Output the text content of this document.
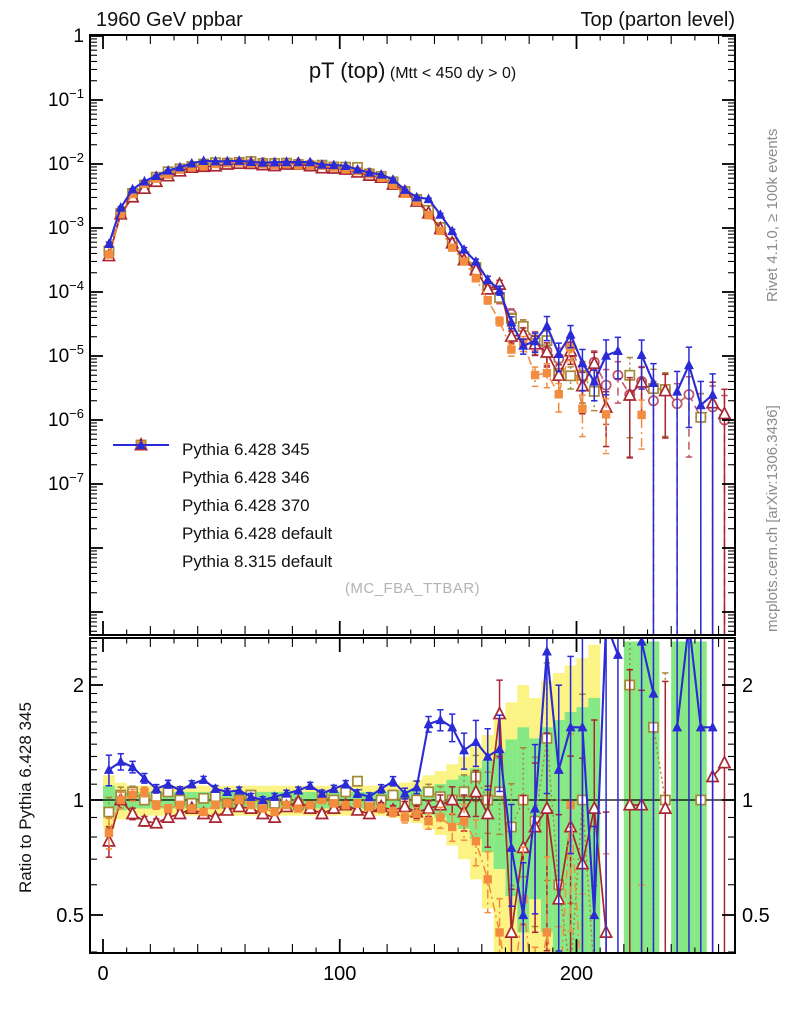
1
$10^{-1}$
$10^{-2}$
$10^{-3}$
$10^{-4}$
$10^{-5}$
$10^{-6}$
$10^{-7}$
2	2
1	1
0.5	0.5
0	100	200
1960 GeV ppbar	Top (parton level)
pT (top) (Mtt < 450 dy > 0)
Pythia 6.428 345
Pythia 6.428 346
Pythia 6.428 370
Pythia 6.428 default
Pythia 8.315 default
(MC_FBA_TTBAR)
Rivet 4.1.0, ≥ 100k events
mcplots.cern.ch [arXiv:1306.3436]
Ratio to Pythia 6.428 345
